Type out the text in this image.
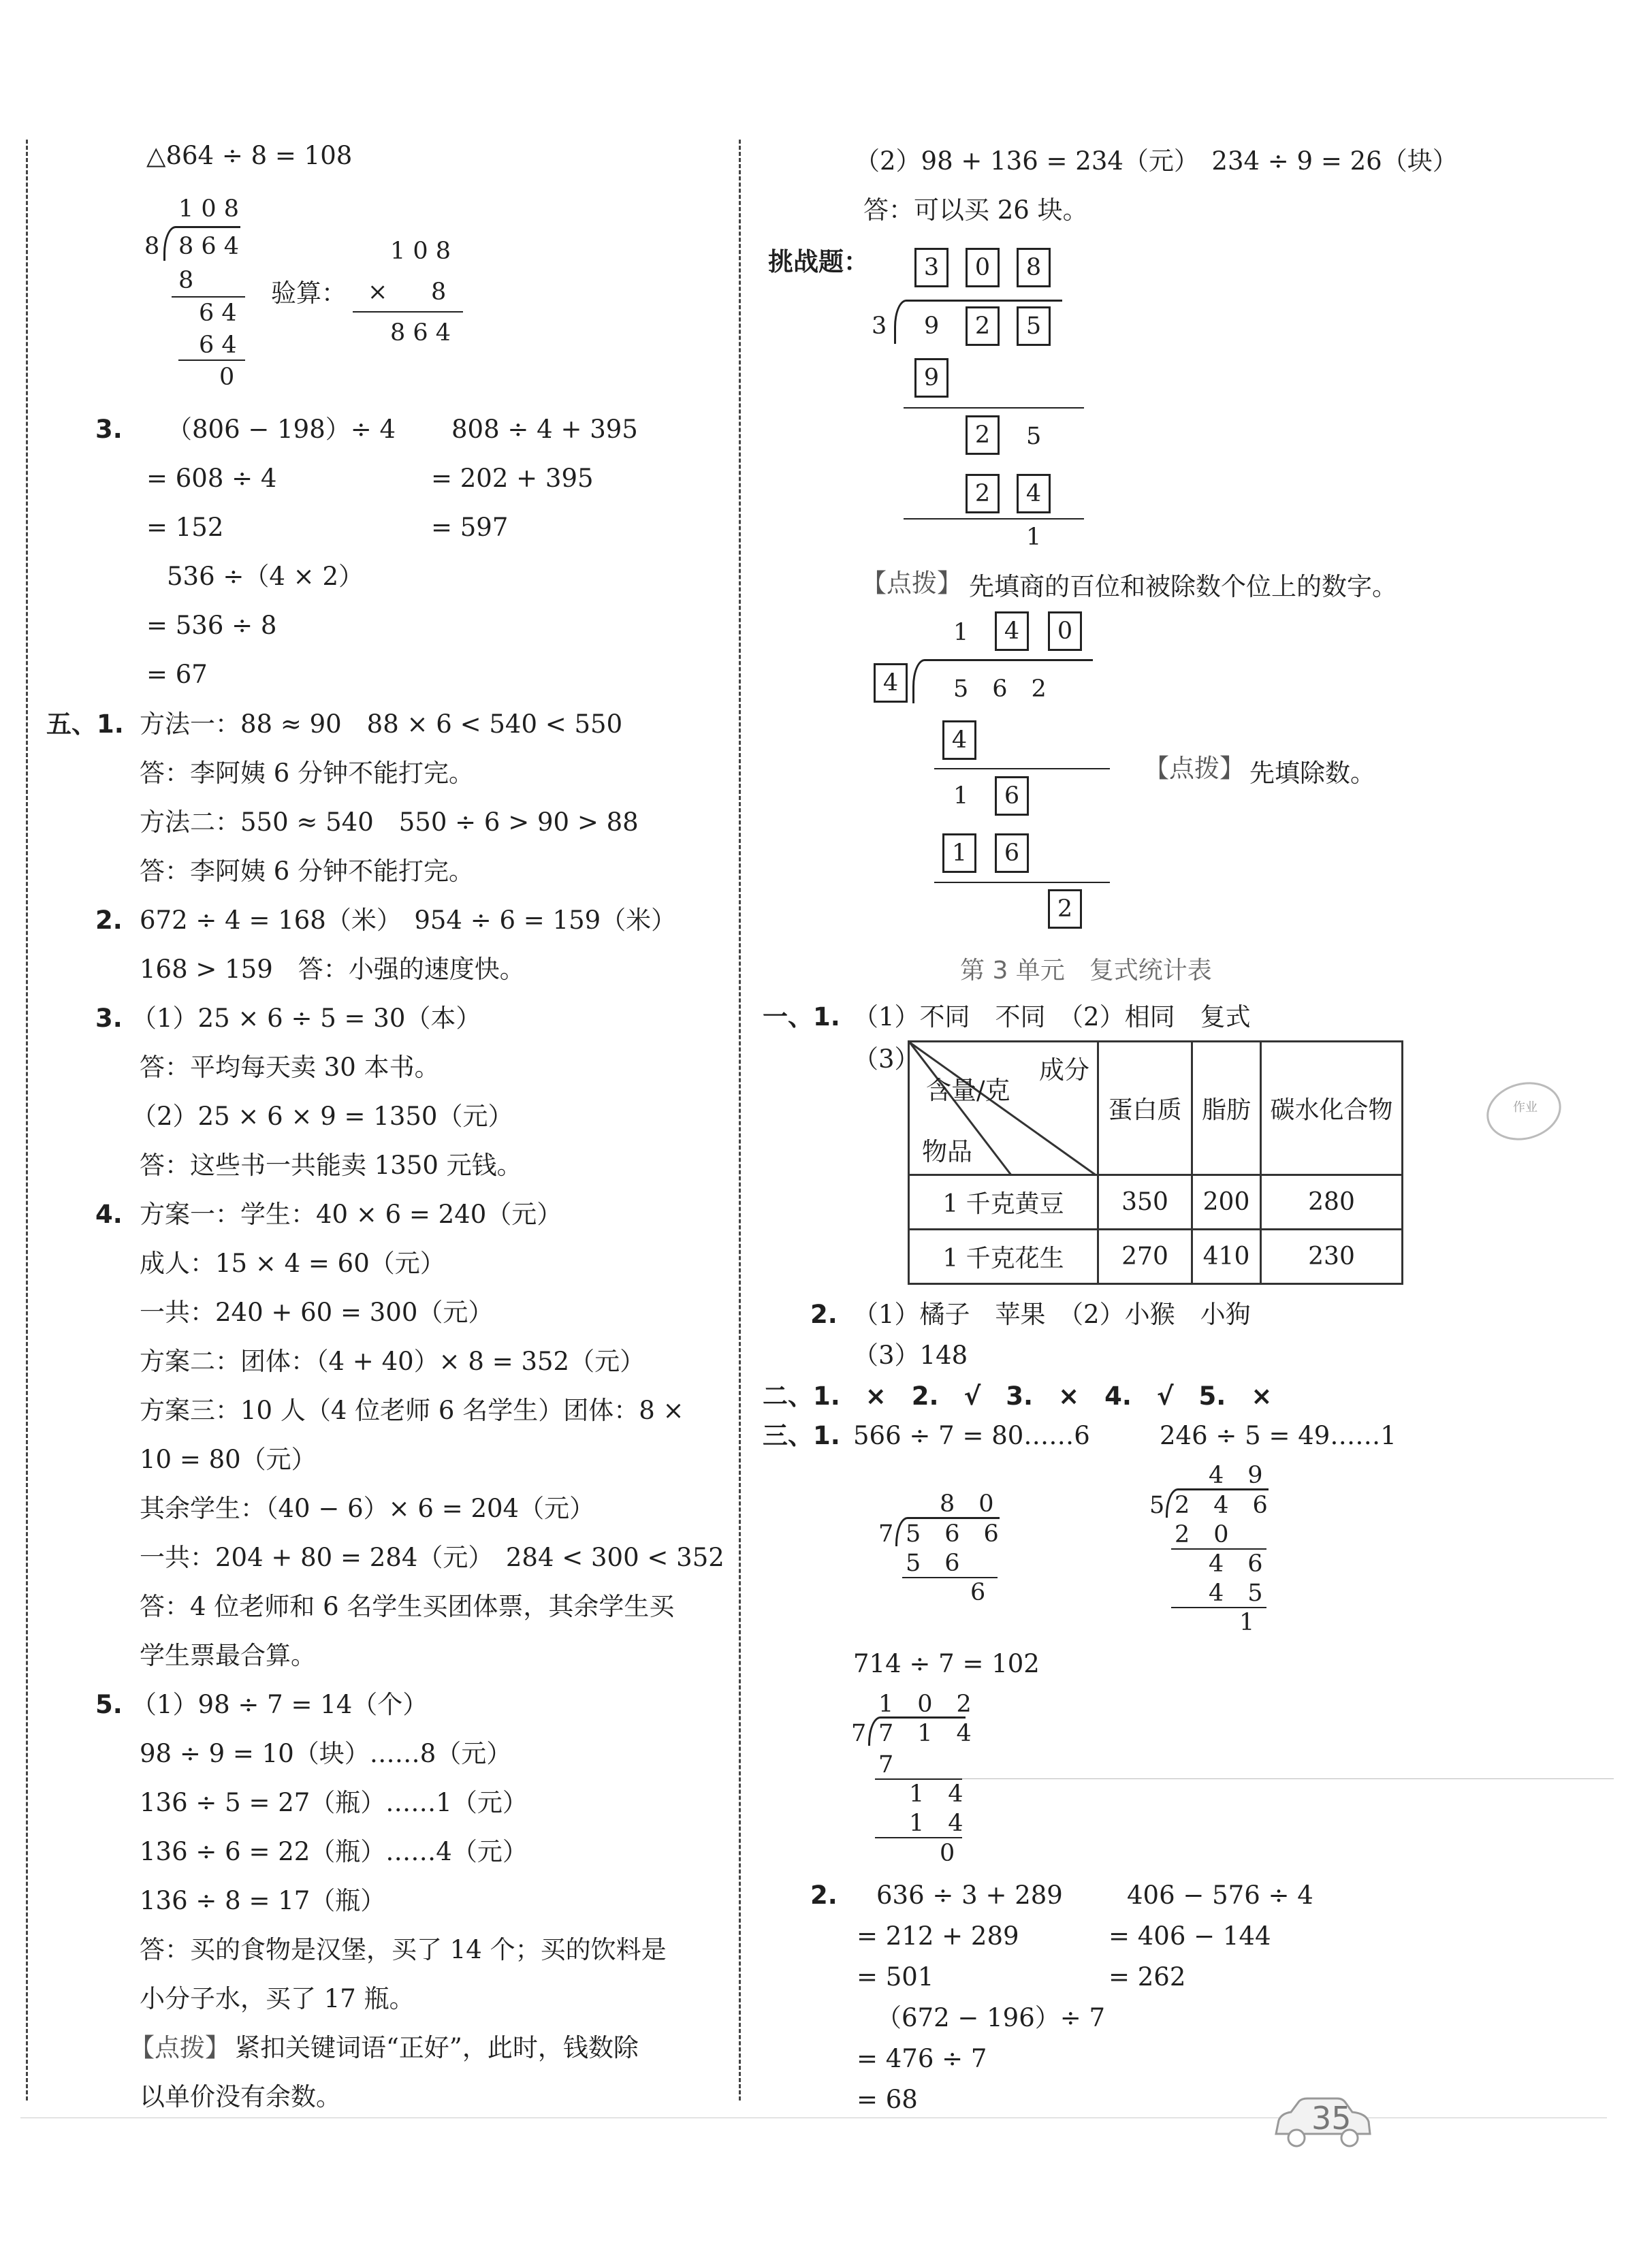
△864 ÷ 8 = 108
1 0 8
8 8 6 4
8
6 4
6 4
0
验算：
1 0 8
× 8
8 6 4
3. （806 − 198）÷ 4
= 608 ÷ 4
= 152
808 ÷ 4 + 395
= 202 + 395
= 597
536 ÷（4 × 2）
= 536 ÷ 8
= 67
五、1. 方法一：88 ≈ 90　88 × 6 < 540 < 550
答：李阿姨 6 分钟不能打完。
方法二：550 ≈ 540　550 ÷ 6 > 90 > 88
答：李阿姨 6 分钟不能打完。
2. 672 ÷ 4 = 168（米）　954 ÷ 6 = 159（米）
168 > 159　答：小强的速度快。
3. （1）25 × 6 ÷ 5 = 30（本）
答：平均每天卖 30 本书。
（2）25 × 6 × 9 = 1350（元）
答：这些书一共能卖 1350 元钱。
4. 方案一：学生：40 × 6 = 240（元）
成人：15 × 4 = 60（元）
一共：240 + 60 = 300（元）
方案二：团体：（4 + 40）× 8 = 352（元）
方案三：10 人（4 位老师 6 名学生）团体：8 ×
10 = 80（元）
其余学生：（40 − 6）× 6 = 204（元）
一共：204 + 80 = 284（元）　284 < 300 < 352
答：4 位老师和 6 名学生买团体票，其余学生买
学生票最合算。
5. （1）98 ÷ 7 = 14（个）
98 ÷ 9 = 10（块）……8（元）
136 ÷ 5 = 27（瓶）……1（元）
136 ÷ 6 = 22（瓶）……4（元）
136 ÷ 8 = 17（瓶）
答：买的食物是汉堡，买了 14 个；买的饮料是
小分子水，买了 17 瓶。
【点拨】 紧扣关键词语“正好”，此时，钱数除
以单价没有余数。
（2）98 + 136 = 234（元）　234 ÷ 9 = 26（块）
答：可以买 26 块。
挑战题：	3	0	8
3 9	2	5
9
2	5
2	4
1
【点拨】 先填商的百位和被除数个位上的数字。
1	4	0
4	5　6　2
4
1	6
1	6
2
【点拨】 先填除数。
第 3 单元　复式统计表
一、1. （1）不同　不同　（2）相同　复式
（3）	成分
含量/克
物品	蛋白质	脂肪	碳水化合物
1 千克黄豆	350	200	280
1 千克花生	270	410	230
作业
2. （1）橘子　苹果　（2）小猴　小狗
（3）148
二、1.　×　2.　√　3.　×　4.　√　5.　×
三、1. 566 ÷ 7 = 80……6	246 ÷ 5 = 49……1
8　0
7 5　6　6
5　6
6
4　9
5 2　4　6
2　0
4　6
4　5
1
714 ÷ 7 = 102
1　0　2
7 7　1　4
7
1　4
1　4
0
2. 636 ÷ 3 + 289
= 212 + 289
= 501
406 − 576 ÷ 4
= 406 − 144
= 262
（672 − 196）÷ 7
= 476 ÷ 7
= 68
35
